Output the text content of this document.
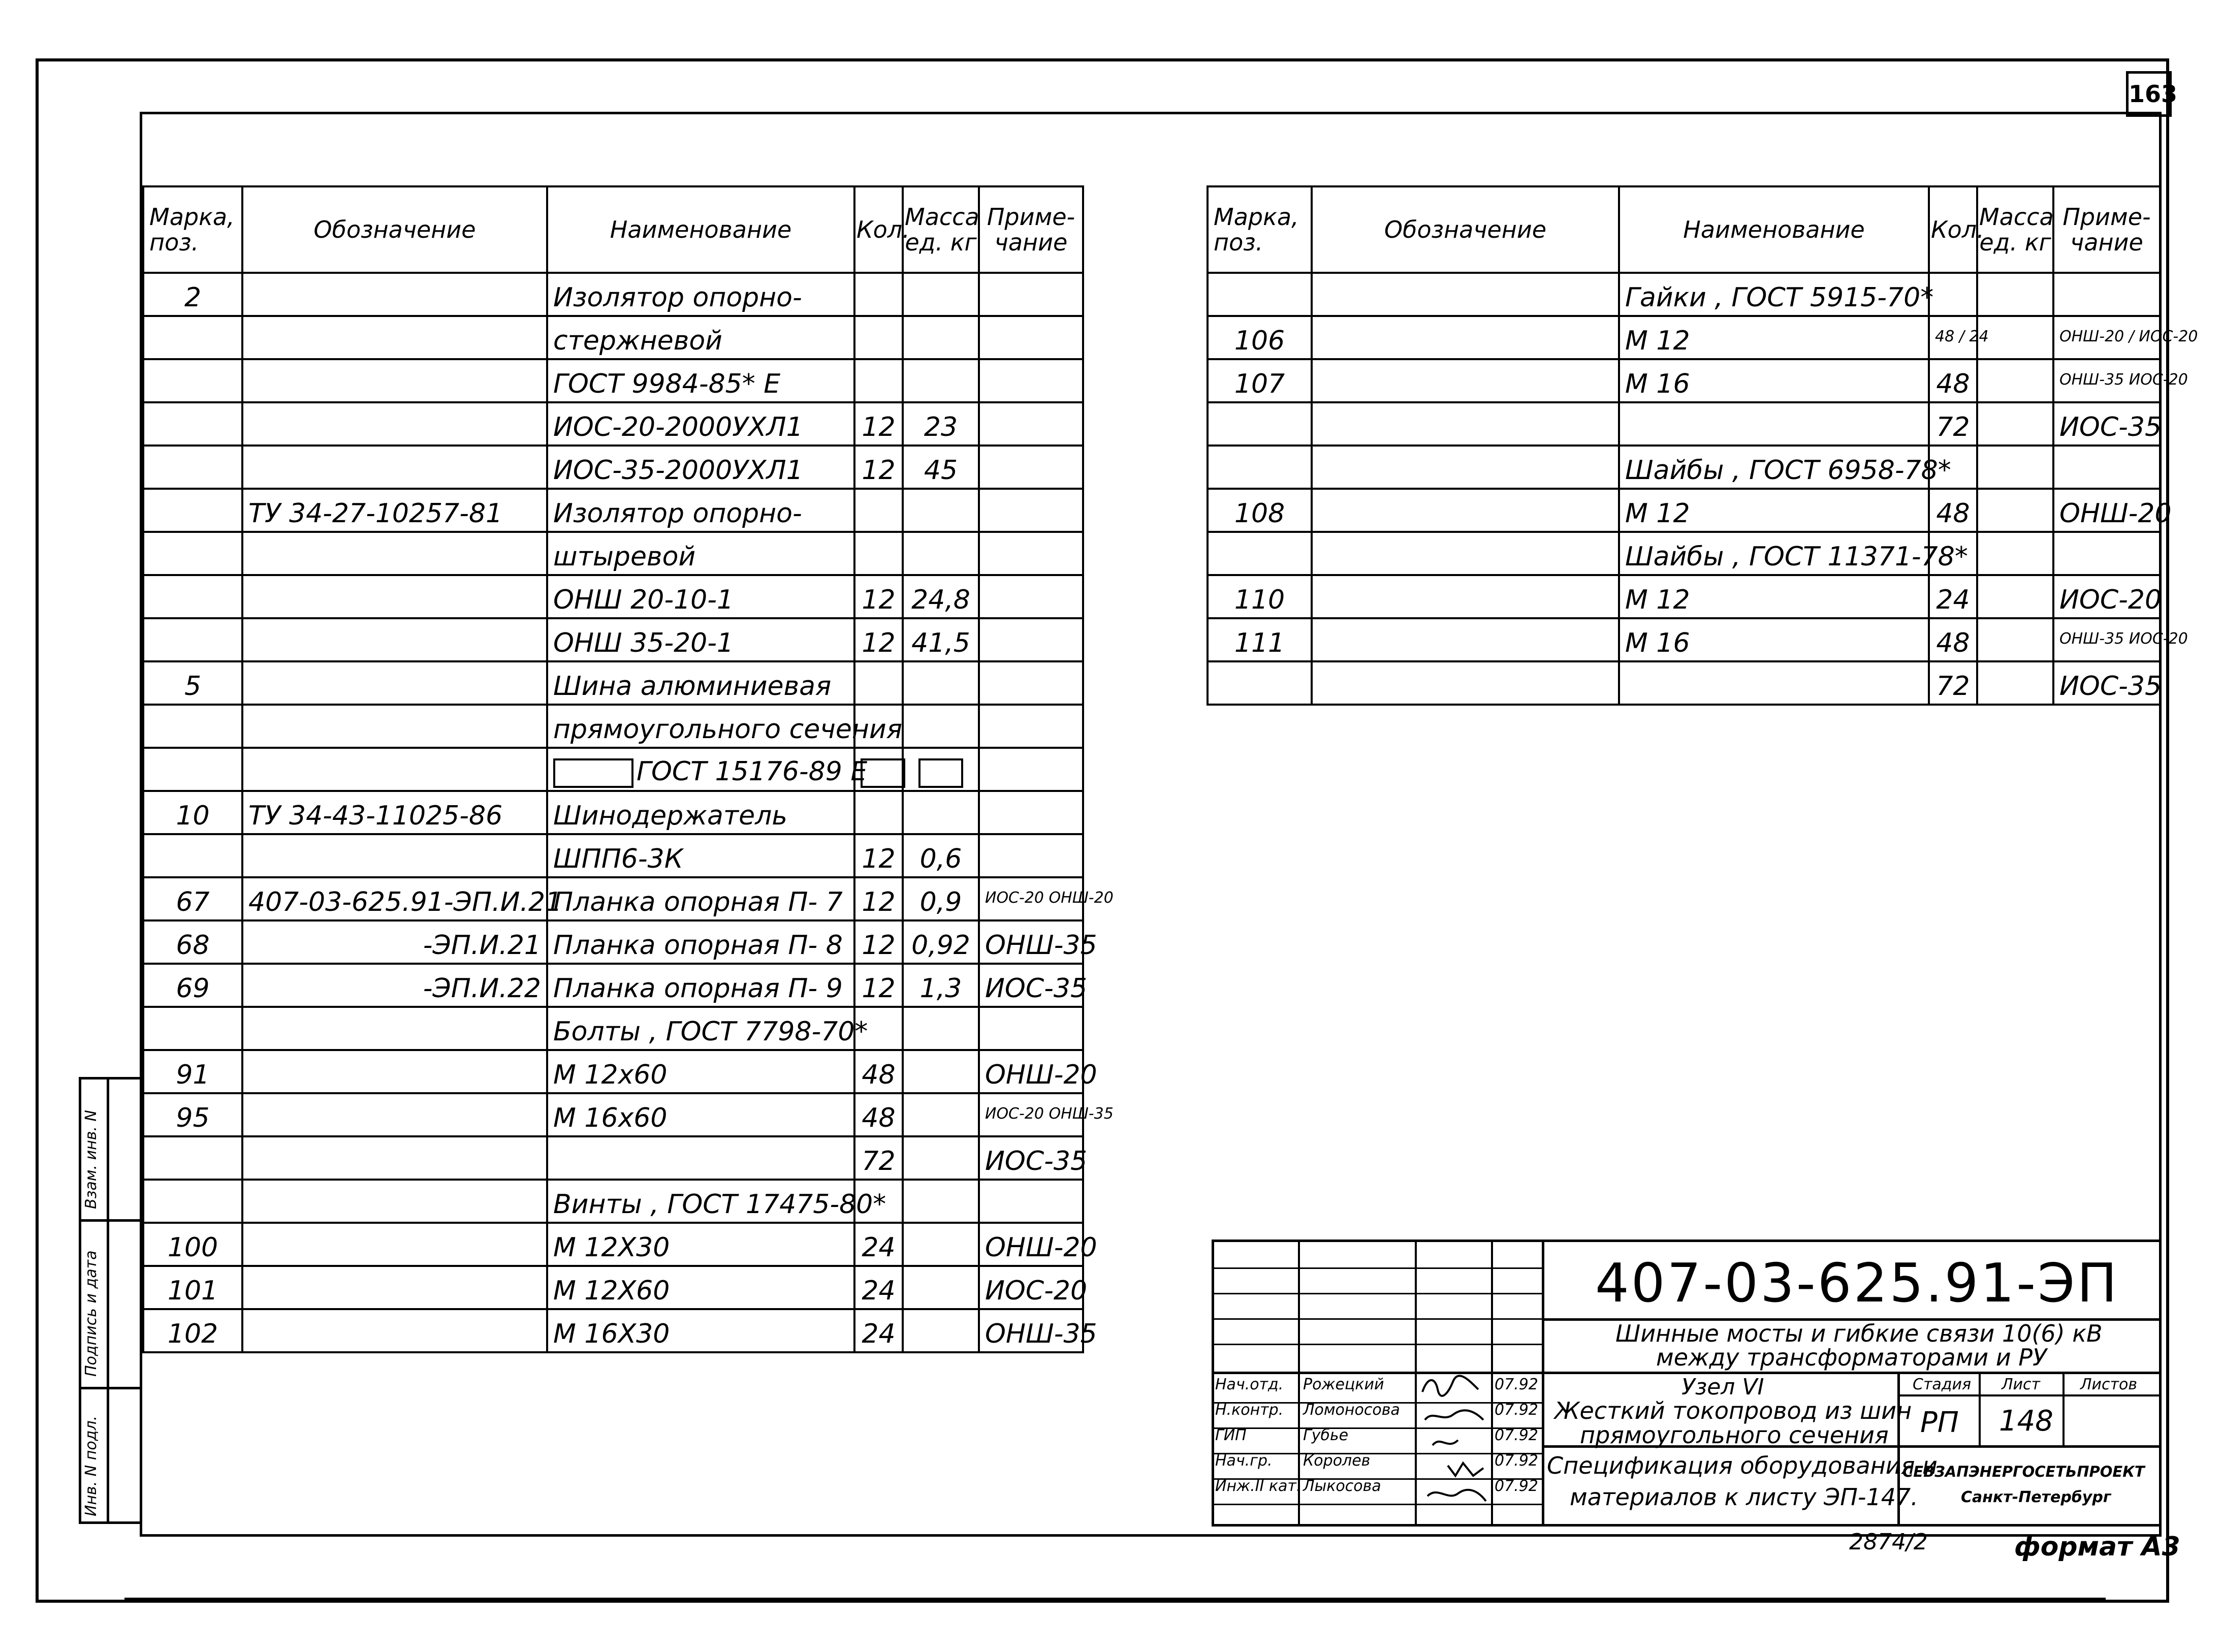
163
Марка, поз.	Обозначение	Наименование	Кол.	Масса ед. кг	Приме- чание
2		Изолятор опорно-			
		стержневой			
		ГОСТ 9984-85* Е			
		ИОС-20-2000УХЛ1	12	23	
		ИОС-35-2000УХЛ1	12	45	
	ТУ 34-27-10257-81	Изолятор опорно-			
		штыревой			
		ОНШ 20-10-1	12	24,8	
		ОНШ 35-20-1	12	41,5	
5		Шина алюминиевая			
		прямоугольного сечения			
		ГОСТ 15176-89 Е			
10	ТУ 34-43-11025-86	Шинодержатель			
		ШПП6-3К	12	0,6	
67	407-03-625.91-ЭП.И.21	Планка опорная П- 7	12	0,9	ИОС-20 ОНШ-20
68	-ЭП.И.21	Планка опорная П- 8	12	0,92	ОНШ-35
69	-ЭП.И.22	Планка опорная П- 9	12	1,3	ИОС-35
		Болты , ГОСТ 7798-70*			
91		М 12х60	48		ОНШ-20
95		М 16х60	48		ИОС-20 ОНШ-35
			72		ИОС-35
		Винты , ГОСТ 17475-80*			
100		М 12Х30	24		ОНШ-20
101		М 12Х60	24		ИОС-20
102		М 16Х30	24		ОНШ-35
Марка, поз.	Обозначение	Наименование	Кол.	Масса ед. кг	Приме- чание
		Гайки , ГОСТ 5915-70*			
106		М 12	48 / 24		ОНШ-20 / ИОС-20
107		М 16	48		ОНШ-35 ИОС-20
			72		ИОС-35
		Шайбы , ГОСТ 6958-78*			
108		М 12	48		ОНШ-20
		Шайбы , ГОСТ 11371-78*			
110		М 12	24		ИОС-20
111		М 16	48		ОНШ-35 ИОС-20
			72		ИОС-35
Взам. инв. N
Подпись и дата
Инв. N подл.
407-03-625.91-ЭП
Шинные мосты и гибкие связи 10(6) кВ
между трансформаторами и РУ
Узел VI
Жесткий токопровод из шин
прямоугольного сечения
Спецификация оборудования и
материалов к листу ЭП-147.
Стадия Лист	Листов
РП 148
СЕВЗАПЭНЕРГОСЕТЬПРОЕКТ
Санкт-Петербург
Нач.отд. Рожецкий	07.92
Н.контр. Ломоносова	07.92
ГИП	Губье	07.92
Нач.гр. Королев	07.92
Инж.II кат. Лыкосова	07.92
2874/2	формат А3
